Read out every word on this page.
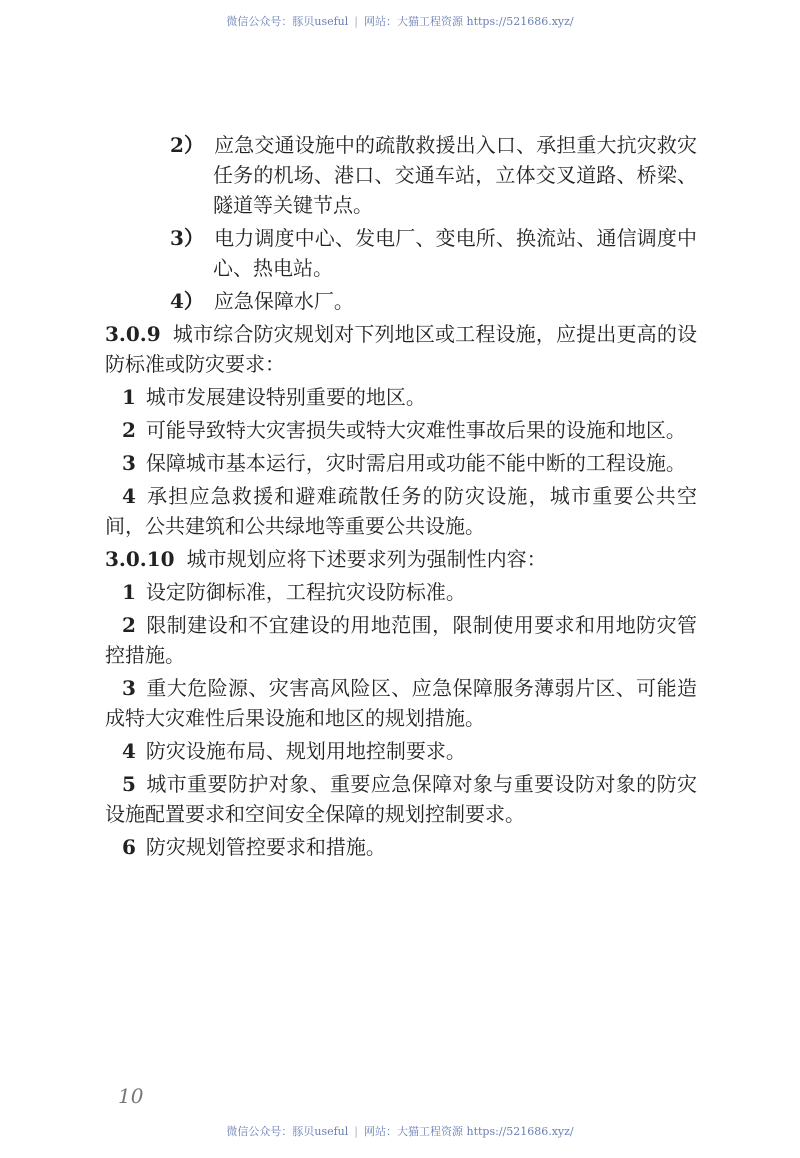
微信公众号：豚贝useful | 网站：大猫工程资源 https://521686.xyz/

2） 应急交通设施中的疏散救援出入口、承担重大抗灾救灾任务的机场、港口、交通车站，立体交叉道路、桥梁、隧道等关键节点。

3） 电力调度中心、发电厂、变电所、换流站、通信调度中心、热电站。

4） 应急保障水厂。

3.0.9 城市综合防灾规划对下列地区或工程设施，应提出更高的设防标准或防灾要求：

1 城市发展建设特别重要的地区。

2 可能导致特大灾害损失或特大灾难性事故后果的设施和地区。

3 保障城市基本运行，灾时需启用或功能不能中断的工程设施。

4 承担应急救援和避难疏散任务的防灾设施，城市重要公共空间，公共建筑和公共绿地等重要公共设施。

3.0.10 城市规划应将下述要求列为强制性内容：

1 设定防御标准，工程抗灾设防标准。

2 限制建设和不宜建设的用地范围，限制使用要求和用地防灾管控措施。

3 重大危险源、灾害高风险区、应急保障服务薄弱片区、可能造成特大灾难性后果设施和地区的规划措施。

4 防灾设施布局、规划用地控制要求。

5 城市重要防护对象、重要应急保障对象与重要设防对象的防灾设施配置要求和空间安全保障的规划控制要求。

6 防灾规划管控要求和措施。

10
微信公众号：豚贝useful | 网站：大猫工程资源 https://521686.xyz/
